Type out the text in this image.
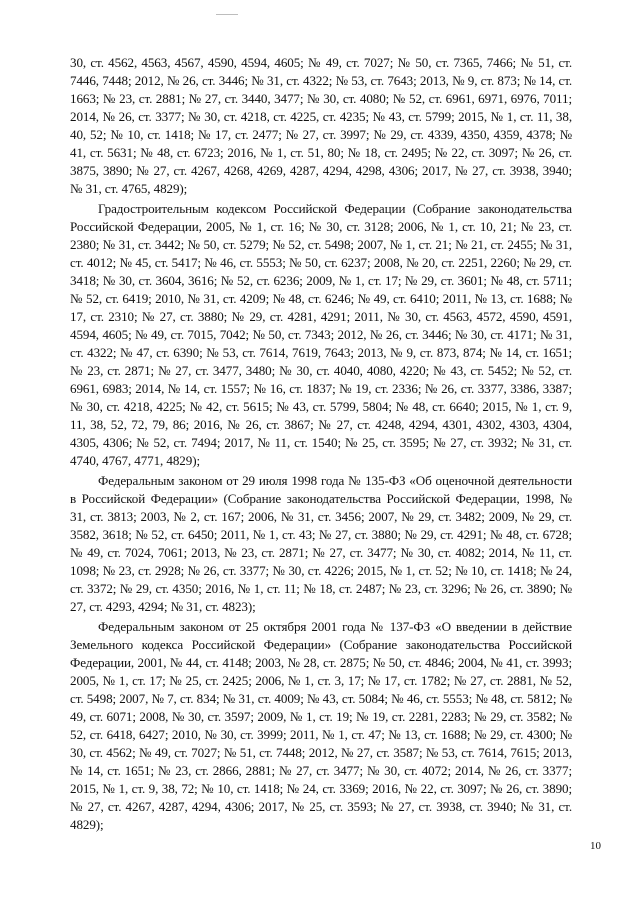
30, ст. 4562, 4563, 4567, 4590, 4594, 4605; № 49, ст. 7027; № 50, ст. 7365, 7466; № 51, ст. 7446, 7448; 2012, № 26, ст. 3446; № 31, ст. 4322; № 53, ст. 7643; 2013, № 9, ст. 873; № 14, ст. 1663; № 23, ст. 2881; № 27, ст. 3440, 3477; № 30, ст. 4080; № 52, ст. 6961, 6971, 6976, 7011; 2014, № 26, ст. 3377; № 30, ст. 4218, ст. 4225, ст. 4235; № 43, ст. 5799; 2015, № 1, ст. 11, 38, 40, 52; № 10, ст. 1418; № 17, ст. 2477; № 27, ст. 3997; № 29, ст. 4339, 4350, 4359, 4378; № 41, ст. 5631; № 48, ст. 6723; 2016, № 1, ст. 51, 80; № 18, ст. 2495; № 22, ст. 3097; № 26, ст. 3875, 3890; № 27, ст. 4267, 4268, 4269, 4287, 4294, 4298, 4306; 2017, № 27, ст. 3938, 3940; № 31, ст. 4765, 4829);

Градостроительным кодексом Российской Федерации (Собрание законодательства Российской Федерации, 2005, № 1, ст. 16; № 30, ст. 3128; 2006, № 1, ст. 10, 21; № 23, ст. 2380; № 31, ст. 3442; № 50, ст. 5279; № 52, ст. 5498; 2007, № 1, ст. 21; № 21, ст. 2455; № 31, ст. 4012; № 45, ст. 5417; № 46, ст. 5553; № 50, ст. 6237; 2008, № 20, ст. 2251, 2260; № 29, ст. 3418; № 30, ст. 3604, 3616; № 52, ст. 6236; 2009, № 1, ст. 17; № 29, ст. 3601; № 48, ст. 5711; № 52, ст. 6419; 2010, № 31, ст. 4209; № 48, ст. 6246; № 49, ст. 6410; 2011, № 13, ст. 1688; № 17, ст. 2310; № 27, ст. 3880; № 29, ст. 4281, 4291; 2011, № 30, ст. 4563, 4572, 4590, 4591, 4594, 4605; № 49, ст. 7015, 7042; № 50, ст. 7343; 2012, № 26, ст. 3446; № 30, ст. 4171; № 31, ст. 4322; № 47, ст. 6390; № 53, ст. 7614, 7619, 7643; 2013, № 9, ст. 873, 874; № 14, ст. 1651; № 23, ст. 2871; № 27, ст. 3477, 3480; № 30, ст. 4040, 4080, 4220; № 43, ст. 5452; № 52, ст. 6961, 6983; 2014, № 14, ст. 1557; № 16, ст. 1837; № 19, ст. 2336; № 26, ст. 3377, 3386, 3387; № 30, ст. 4218, 4225; № 42, ст. 5615; № 43, ст. 5799, 5804; № 48, ст. 6640; 2015, № 1, ст. 9, 11, 38, 52, 72, 79, 86; 2016, № 26, ст. 3867; № 27, ст. 4248, 4294, 4301, 4302, 4303, 4304, 4305, 4306; № 52, ст. 7494; 2017, № 11, ст. 1540; № 25, ст. 3595; № 27, ст. 3932; № 31, ст. 4740, 4767, 4771, 4829);

Федеральным законом от 29 июля 1998 года № 135-ФЗ «Об оценочной деятельности в Российской Федерации» (Собрание законодательства Российской Федерации, 1998, № 31, ст. 3813; 2003, № 2, ст. 167; 2006, № 31, ст. 3456; 2007, № 29, ст. 3482; 2009, № 29, ст. 3582, 3618; № 52, ст. 6450; 2011, № 1, ст. 43; № 27, ст. 3880; № 29, ст. 4291; № 48, ст. 6728; № 49, ст. 7024, 7061; 2013, № 23, ст. 2871; № 27, ст. 3477; № 30, ст. 4082; 2014, № 11, ст. 1098; № 23, ст. 2928; № 26, ст. 3377; № 30, ст. 4226; 2015, № 1, ст. 52; № 10, ст. 1418; № 24, ст. 3372; № 29, ст. 4350; 2016, № 1, ст. 11; № 18, ст. 2487; № 23, ст. 3296; № 26, ст. 3890; № 27, ст. 4293, 4294; № 31, ст. 4823);

Федеральным законом от 25 октября 2001 года № 137-ФЗ «О введении в действие Земельного кодекса Российской Федерации» (Собрание законодательства Российской Федерации, 2001, № 44, ст. 4148; 2003, № 28, ст. 2875; № 50, ст. 4846; 2004, № 41, ст. 3993; 2005, № 1, ст. 17; № 25, ст. 2425; 2006, № 1, ст. 3, 17; № 17, ст. 1782; № 27, ст. 2881, № 52, ст. 5498; 2007, № 7, ст. 834; № 31, ст. 4009; № 43, ст. 5084; № 46, ст. 5553; № 48, ст. 5812; № 49, ст. 6071; 2008, № 30, ст. 3597; 2009, № 1, ст. 19; № 19, ст. 2281, 2283; № 29, ст. 3582; № 52, ст. 6418, 6427; 2010, № 30, ст. 3999; 2011, № 1, ст. 47; № 13, ст. 1688; № 29, ст. 4300; № 30, ст. 4562; № 49, ст. 7027; № 51, ст. 7448; 2012, № 27, ст. 3587; № 53, ст. 7614, 7615; 2013, № 14, ст. 1651; № 23, ст. 2866, 2881; № 27, ст. 3477; № 30, ст. 4072; 2014, № 26, ст. 3377; 2015, № 1, ст. 9, 38, 72; № 10, ст. 1418; № 24, ст. 3369; 2016, № 22, ст. 3097; № 26, ст. 3890; № 27, ст. 4267, 4287, 4294, 4306; 2017, № 25, ст. 3593; № 27, ст. 3938, ст. 3940; № 31, ст. 4829);

10
